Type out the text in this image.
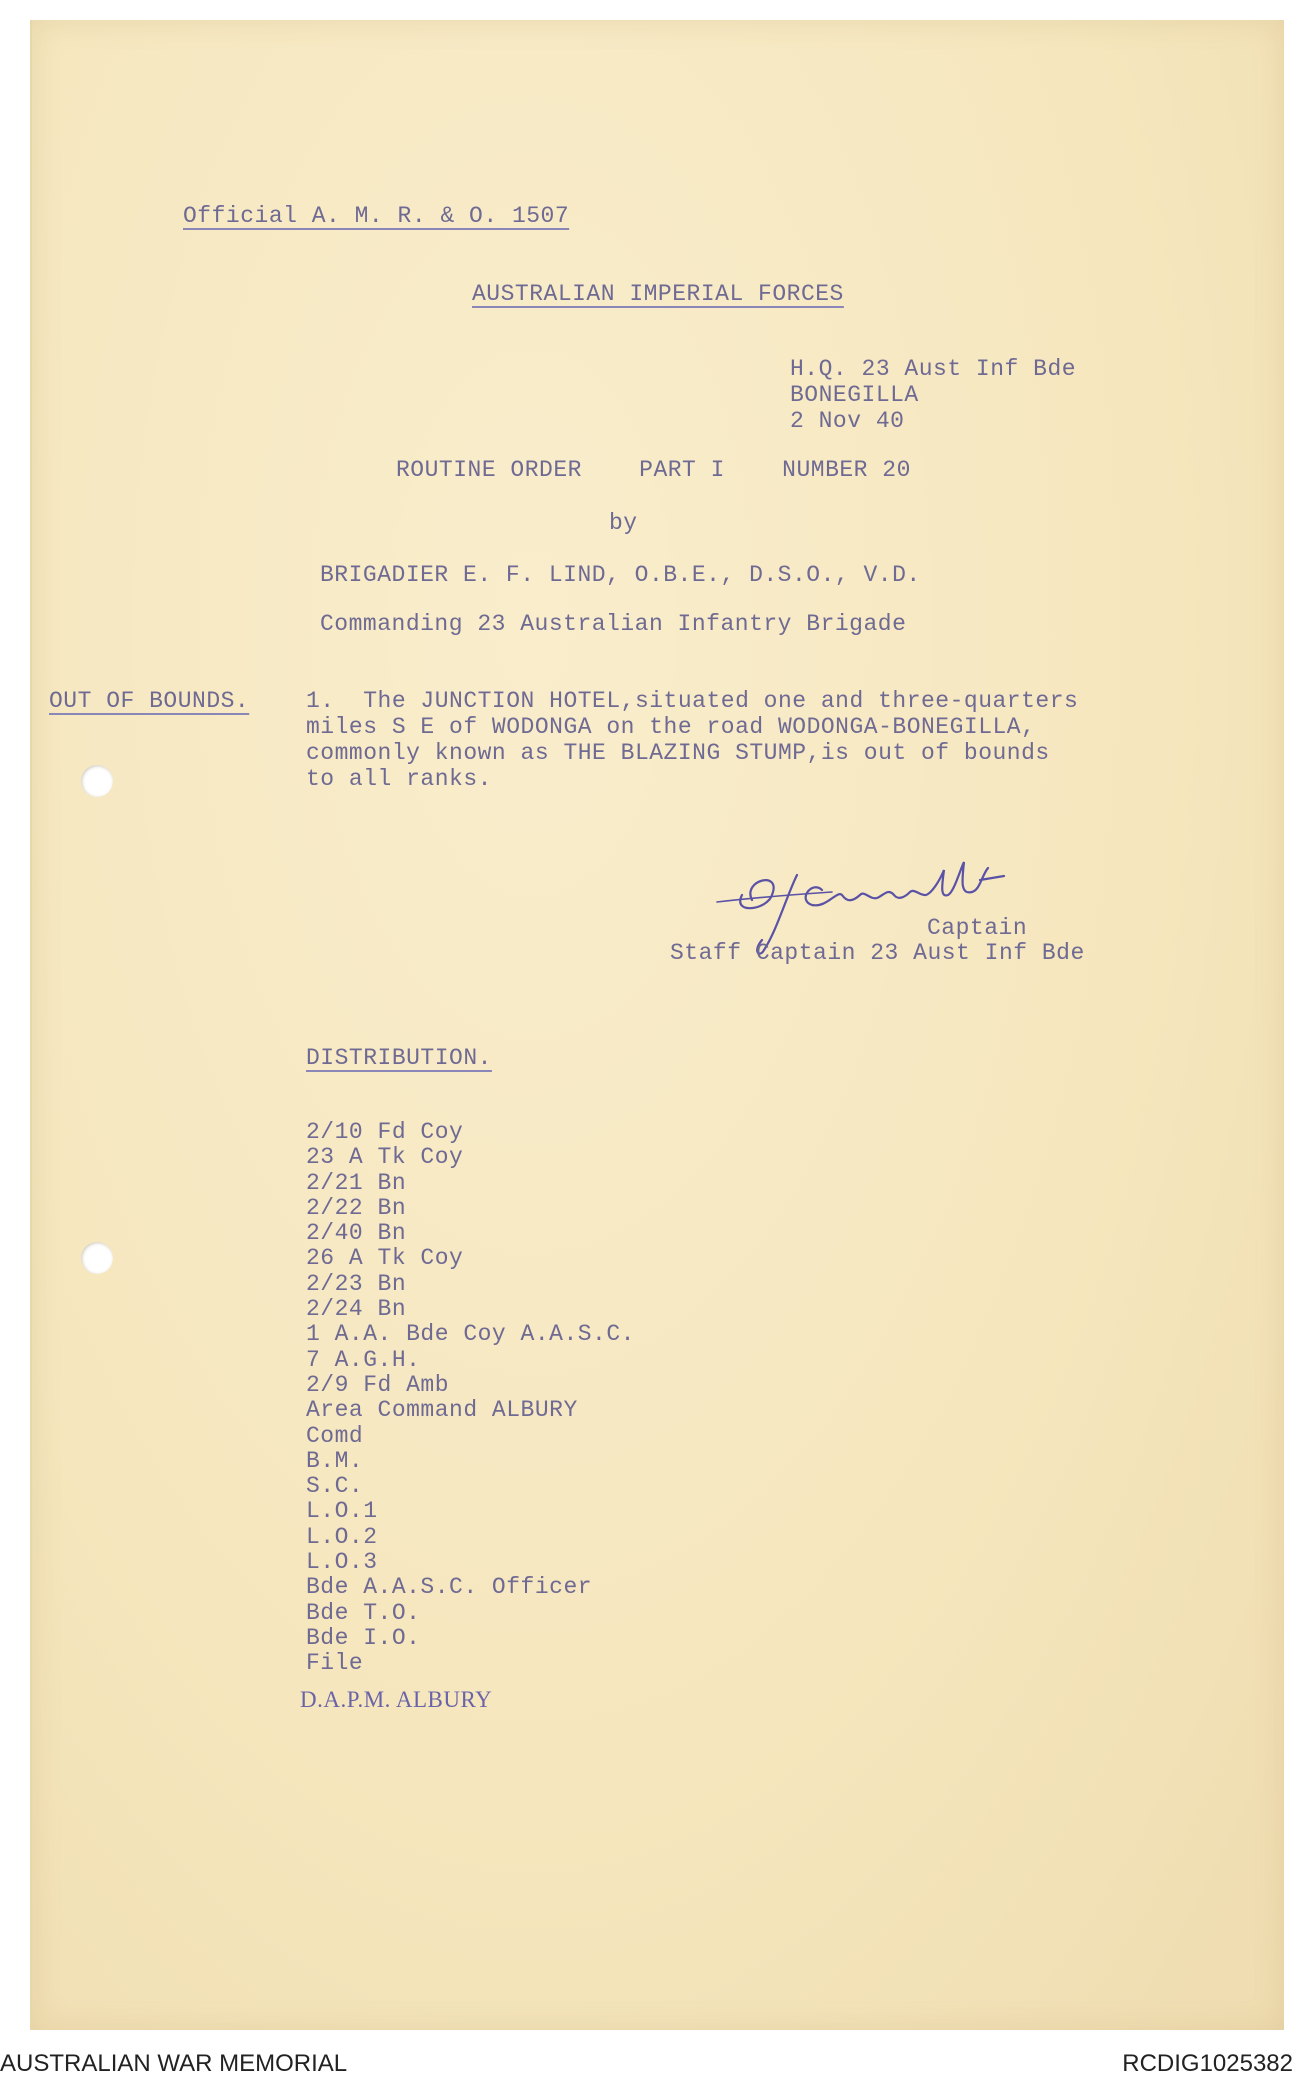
Official A. M. R. & O. 1507
AUSTRALIAN IMPERIAL FORCES
H.Q. 23 Aust Inf Bde
BONEGILLA
2 Nov 40
ROUTINE ORDER    PART I    NUMBER 20
by
BRIGADIER E. F. LIND, O.B.E., D.S.O., V.D.
Commanding 23 Australian Infantry Brigade
OUT OF BOUNDS. 1.  The JUNCTION HOTEL,situated one and three-quarters
miles S E of WODONGA on the road WODONGA-BONEGILLA,
commonly known as THE BLAZING STUMP,is out of bounds
to all ranks.
Captain
Staff Captain 23 Aust Inf Bde
DISTRIBUTION.
2/10 Fd Coy
23 A Tk Coy
2/21 Bn
2/22 Bn
2/40 Bn
26 A Tk Coy
2/23 Bn
2/24 Bn
1 A.A. Bde Coy A.A.S.C.
7 A.G.H.
2/9 Fd Amb
Area Command ALBURY
Comd
B.M.
S.C.
L.O.1
L.O.2
L.O.3
Bde A.A.S.C. Officer
Bde T.O.
Bde I.O.
File
D.A.P.M. ALBURY
AUSTRALIAN WAR MEMORIAL	RCDIG1025382
